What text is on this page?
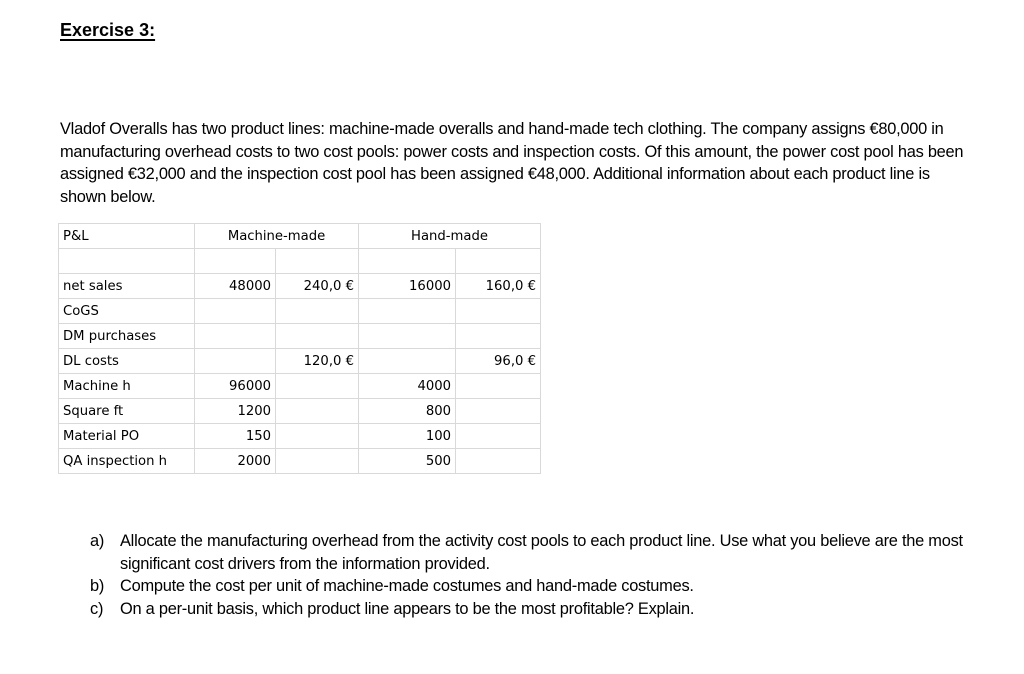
Exercise 3:
Vladof Overalls has two product lines: machine-made overalls and hand-made tech clothing. The company assigns €80,000 in manufacturing overhead costs to two cost pools: power costs and inspection costs. Of this amount, the power cost pool has been assigned €32,000 and the inspection cost pool has been assigned €48,000. Additional information about each product line is shown below.
P&L	Machine-made		Hand-made	

net sales	48000	240,0 €	16000	160,0 €
CoGS				
DM purchases				
DL costs		120,0 €		96,0 €
Machine h	96000		4000	
Square ft	1200		800	
Material PO	150		100	
QA inspection h	2000		500	
a) Allocate the manufacturing overhead from the activity cost pools to each product line. Use what you believe are the most significant cost drivers from the information provided.
b) Compute the cost per unit of machine-made costumes and hand-made costumes.
c)	On a per-unit basis, which product line appears to be the most profitable? Explain.
